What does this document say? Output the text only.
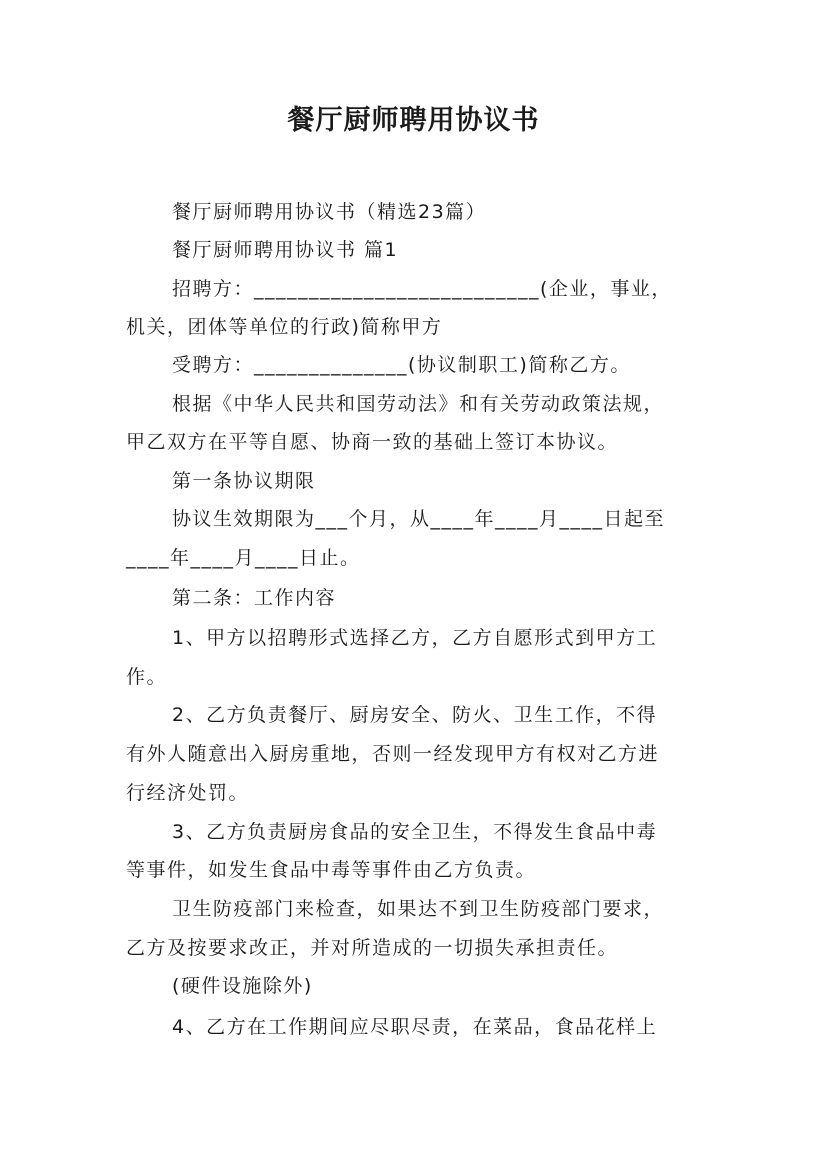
餐厅厨师聘用协议书
餐厅厨师聘用协议书（精选23篇）
餐厅厨师聘用协议书 篇1
招聘方：__________________________(企业，事业，
机关，团体等单位的行政)简称甲方
受聘方：______________(协议制职工)简称乙方。
根据《中华人民共和国劳动法》和有关劳动政策法规，
甲乙双方在平等自愿、协商一致的基础上签订本协议。
第一条协议期限
协议生效期限为___个月，从____年____月____日起至
____年____月____日止。
第二条：工作内容
1、甲方以招聘形式选择乙方，乙方自愿形式到甲方工
作。
2、乙方负责餐厅、厨房安全、防火、卫生工作，不得
有外人随意出入厨房重地，否则一经发现甲方有权对乙方进
行经济处罚。
3、乙方负责厨房食品的安全卫生，不得发生食品中毒
等事件，如发生食品中毒等事件由乙方负责。
卫生防疫部门来检查，如果达不到卫生防疫部门要求，
乙方及按要求改正，并对所造成的一切损失承担责任。
(硬件设施除外)
4、乙方在工作期间应尽职尽责，在菜品，食品花样上
